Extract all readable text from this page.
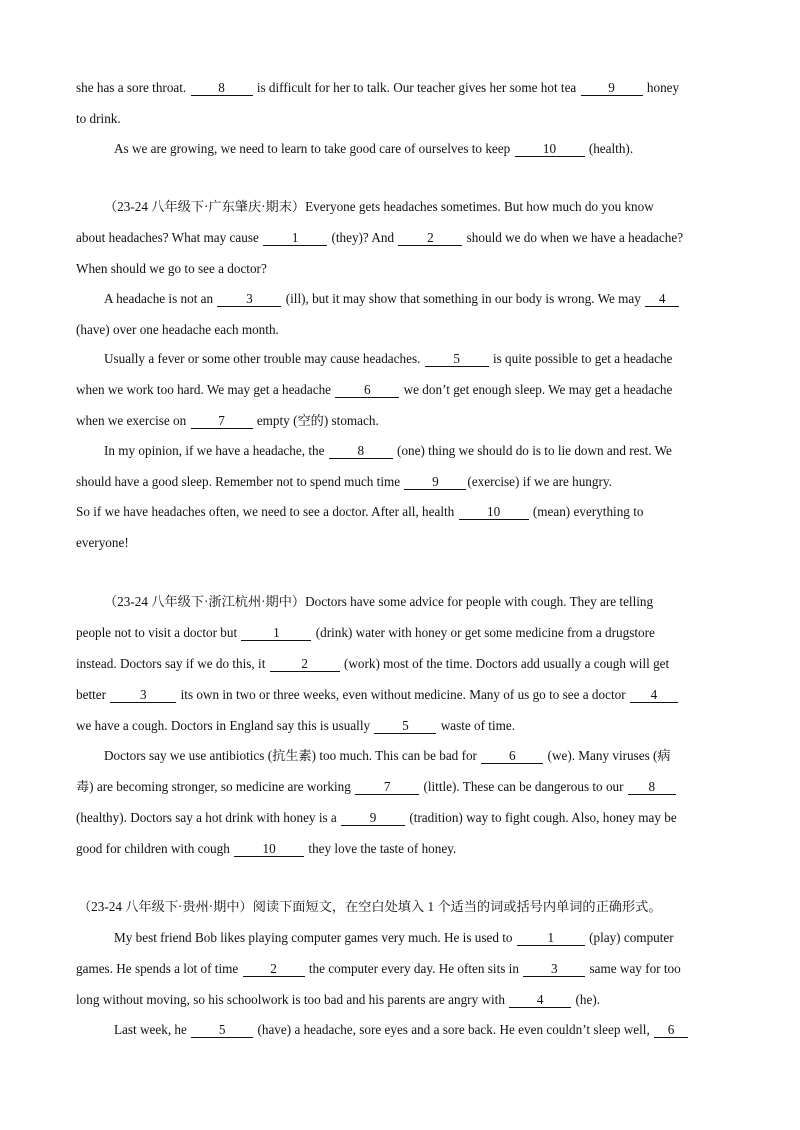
she has a sore throat. 8 is difficult for her to talk. Our teacher gives her some hot tea 9 honey
to drink.
As we are growing, we need to learn to take good care of ourselves to keep 10 (health).
（23-24 八年级下·广东肇庆·期末）Everyone gets headaches sometimes. But how much do you know
about headaches? What may cause 1 (they)? And 2 should we do when we have a headache?
When should we go to see a doctor?
A headache is not an 3 (ill), but it may show that something in our body is wrong. We may 4
(have) over one headache each month.
Usually a fever or some other trouble may cause headaches. 5 is quite possible to get a headache
when we work too hard. We may get a headache 6 we don’t get enough sleep. We may get a headache
when we exercise on 7 empty (空的) stomach.
In my opinion, if we have a headache, the 8 (one) thing we should do is to lie down and rest. We
should have a good sleep. Remember not to spend much time 9 (exercise) if we are hungry.
So if we have headaches often, we need to see a doctor. After all, health 10 (mean) everything to
everyone!
（23-24 八年级下·浙江杭州·期中）Doctors have some advice for people with cough. They are telling
people not to visit a doctor but 1 (drink) water with honey or get some medicine from a drugstore
instead. Doctors say if we do this, it 2 (work) most of the time. Doctors add usually a cough will get
better 3 its own in two or three weeks, even without medicine. Many of us go to see a doctor 4
we have a cough. Doctors in England say this is usually 5 waste of time.
Doctors say we use antibiotics (抗生素) too much. This can be bad for 6 (we). Many viruses (病
毒) are becoming stronger, so medicine are working 7 (little). These can be dangerous to our 8
(healthy). Doctors say a hot drink with honey is a 9 (tradition) way to fight cough. Also, honey may be
good for children with cough 10 they love the taste of honey.
（23-24 八年级下·贵州·期中）阅读下面短文，在空白处填入 1 个适当的词或括号内单词的正确形式。
My best friend Bob likes playing computer games very much. He is used to 1 (play) computer
games. He spends a lot of time 2 the computer every day. He often sits in 3 same way for too
long without moving, so his schoolwork is too bad and his parents are angry with 4 (he).
Last week, he 5 (have) a headache, sore eyes and a sore back. He even couldn’t sleep well, 6
